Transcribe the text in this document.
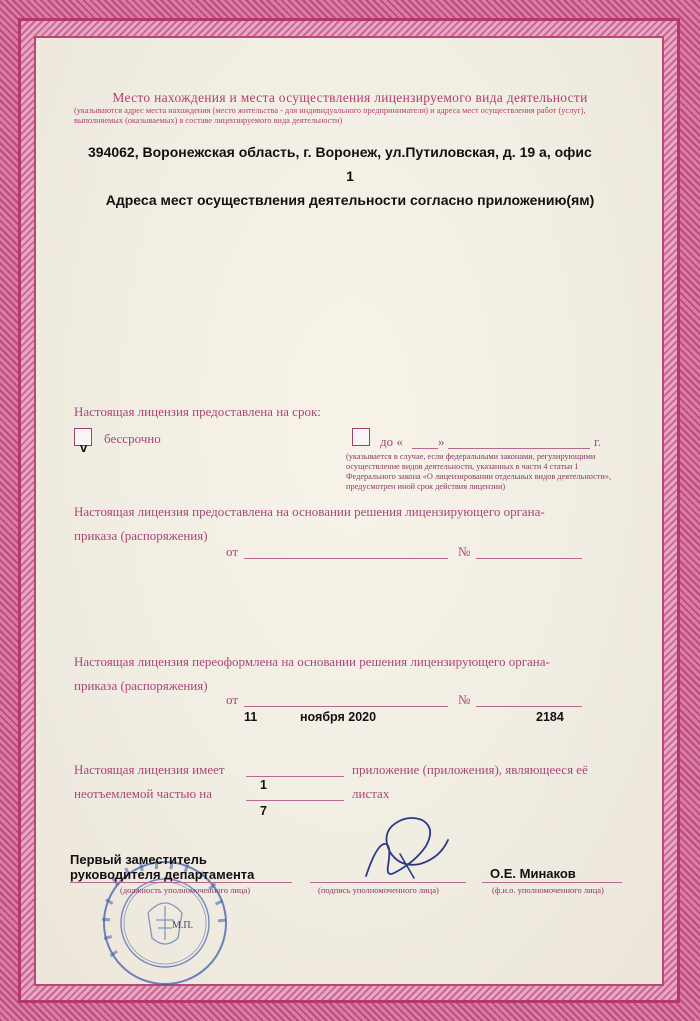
Место нахождения и места осуществления лицензируемого вида деятельности
(указываются адрес места нахождения (место жительства - для индивидуального предпринимателя) и адреса мест осуществления работ (услуг),
выполняемых (оказываемых) в составе лицензируемого вида деятельности)
394062, Воронежская область, г. Воронеж, ул.Путиловская, д. 19 а, офис
1
Адреса мест осуществления деятельности согласно приложению(ям)
Настоящая лицензия предоставлена на срок:
v
бессрочно	до «	»	г.
(указывается в случае, если федеральными законами, регулирующими
осуществление видов деятельности, указанных в части 4 статьи 1
Федерального закона «О лицензировании отдельных видов деятельности»,
предусмотрен иной срок действия лицензии)
Настоящая лицензия предоставлена на основании решения лицензирующего органа-
приказа (распоряжения)
от	№
Настоящая лицензия переоформлена на основании решения лицензирующего органа-
приказа (распоряжения)
от	№
11	ноября 2020	2184
Настоящая лицензия имеет
1
приложение (приложения), являющееся её
неотъемлемой частью на
7
листах
М.П.
Первый заместитель
руководителя департамента
(должность уполномоченного лица)	(подпись уполномоченного лица)
О.Е. Минаков
(ф.и.о. уполномоченного лица)
